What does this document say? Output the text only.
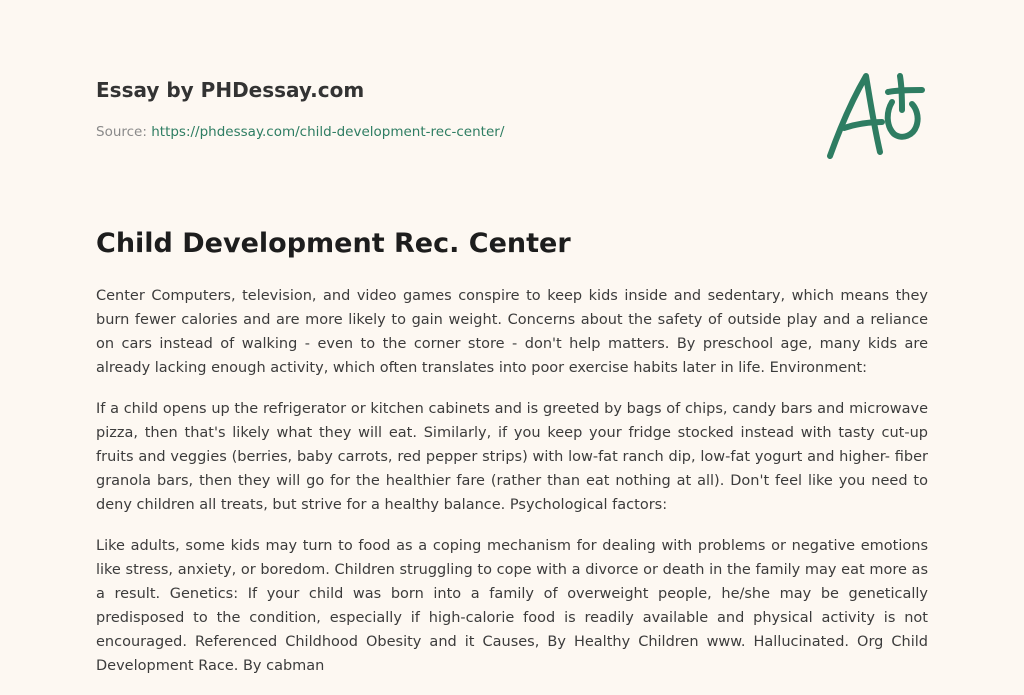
Essay by PHDessay.com
Source: https://phdessay.com/child-development-rec-center/
Child Development Rec. Center

Center Computers, television, and video games conspire to keep kids inside and sedentary, which means they burn fewer calories and are more likely to gain weight. Concerns about the safety of outside play and a reliance on cars instead of walking - even to the corner store - don't help matters. By preschool age, many kids are already lacking enough activity, which often translates into poor exercise habits later in life. Environment:

If a child opens up the refrigerator or kitchen cabinets and is greeted by bags of chips, candy bars and microwave pizza, then that's likely what they will eat. Similarly, if you keep your fridge stocked instead with tasty cut-up fruits and veggies (berries, baby carrots, red pepper strips) with low-fat ranch dip, low-fat yogurt and higher- fiber granola bars, then they will go for the healthier fare (rather than eat nothing at all). Don't feel like you need to deny children all treats, but strive for a healthy balance. Psychological factors:

Like adults, some kids may turn to food as a coping mechanism for dealing with problems or negative emotions like stress, anxiety, or boredom. Children struggling to cope with a divorce or death in the family may eat more as a result. Genetics: If your child was born into a family of overweight people, he/she may be genetically predisposed to the condition, especially if high-calorie food is readily available and physical activity is not encouraged. Referenced Childhood Obesity and it Causes, By Healthy Children www. Hallucinated. Org Child Development Race. By cabman
